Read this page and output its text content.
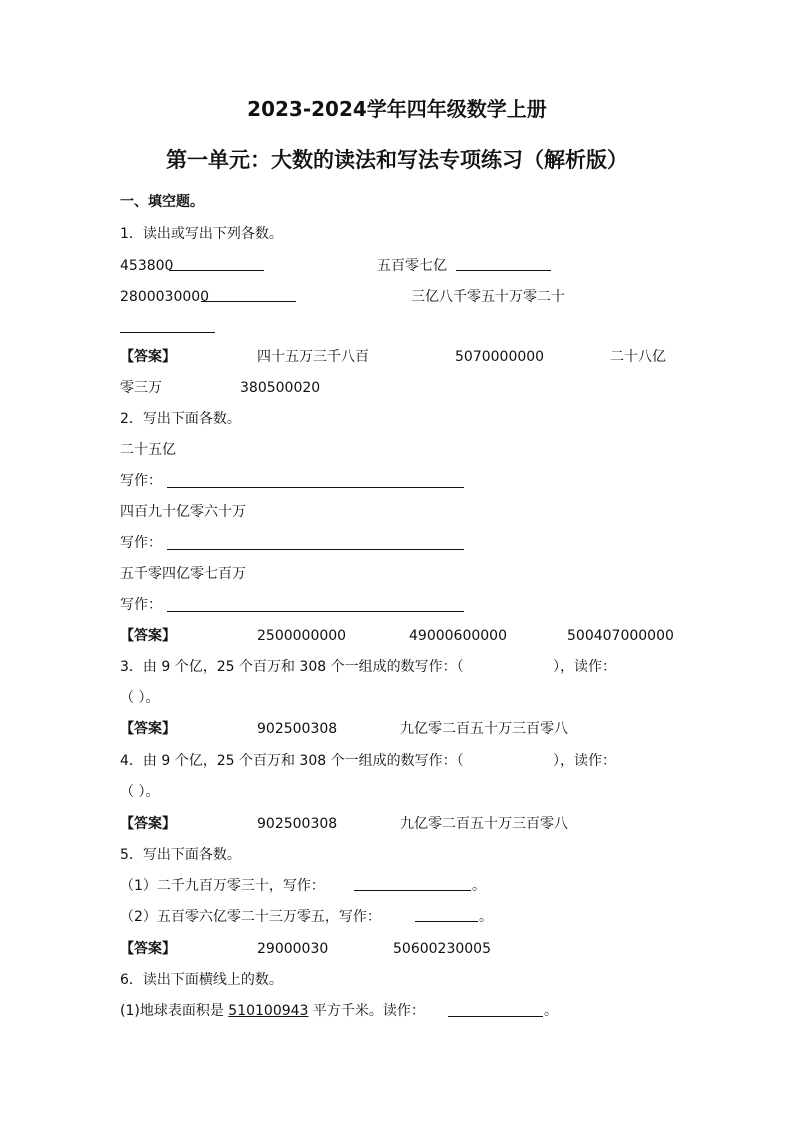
2023-2024学年四年级数学上册
第一单元：大数的读法和写法专项练习（解析版）
一、填空题。
1．读出或写出下列各数。
453800	五百零七亿
2800030000	三亿八千零五十万零二十
【答案】	四十五万三千八百	5070000000	二十八亿
零三万	380500020
2．写出下面各数。
二十五亿
写作：
四百九十亿零六十万
写作：
五千零四亿零七百万
写作：
【答案】	2500000000	49000600000	500407000000
3．由 9 个亿，25 个百万和 308 个一组成的数写作：（	），读作：
（ ）。
【答案】	902500308	九亿零二百五十万三百零八
4．由 9 个亿，25 个百万和 308 个一组成的数写作：（	），读作：
（ ）。
【答案】	902500308	九亿零二百五十万三百零八
5．写出下面各数。
（1）二千九百万零三十，写作：	。
（2）五百零六亿零二十三万零五，写作：	。
【答案】	29000030	50600230005
6．读出下面横线上的数。
(1)地球表面积是 510100943 平方千米。读作：	。
